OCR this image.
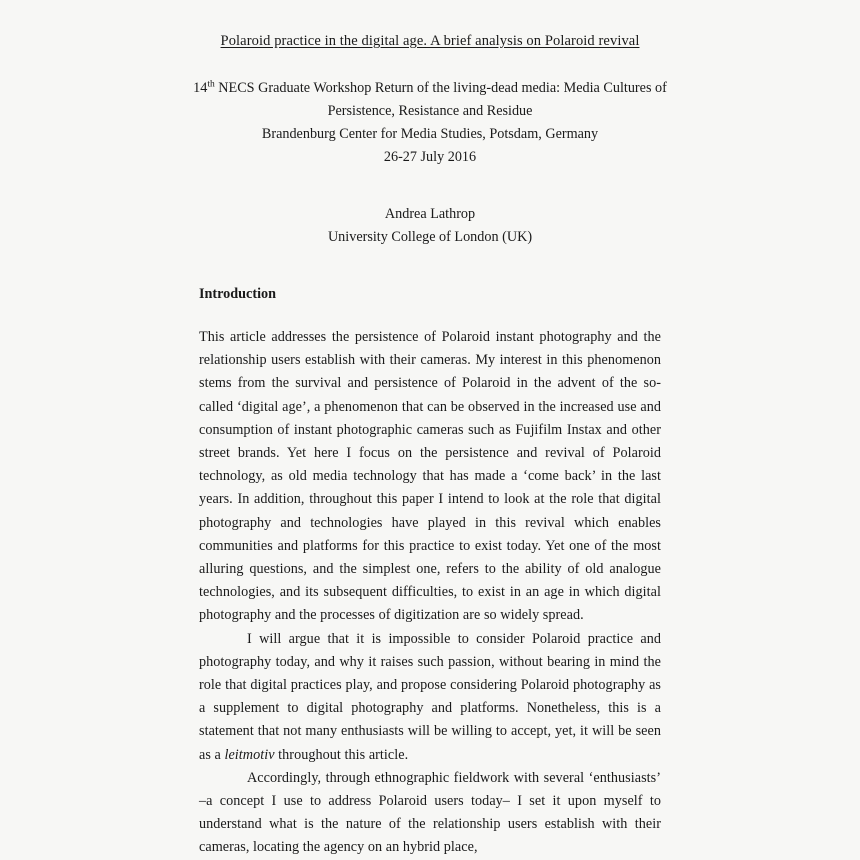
Polaroid practice in the digital age. A brief analysis on Polaroid revival
14th NECS Graduate Workshop Return of the living-dead media: Media Cultures of
Persistence, Resistance and Residue
Brandenburg Center for Media Studies, Potsdam, Germany
26-27 July 2016
Andrea Lathrop
University College of London (UK)
Introduction

This article addresses the persistence of Polaroid instant photography and the relationship users establish with their cameras. My interest in this phenomenon stems from the survival and persistence of Polaroid in the advent of the so-called ‘digital age’, a phenomenon that can be observed in the increased use and consumption of instant photographic cameras such as Fujifilm Instax and other street brands. Yet here I focus on the persistence and revival of Polaroid technology, as old media technology that has made a ‘come back’ in the last years. In addition, throughout this paper I intend to look at the role that digital photography and technologies have played in this revival which enables communities and platforms for this practice to exist today. Yet one of the most alluring questions, and the simplest one, refers to the ability of old analogue technologies, and its subsequent difficulties, to exist in an age in which digital photography and the processes of digitization are so widely spread.

I will argue that it is impossible to consider Polaroid practice and photography today, and why it raises such passion, without bearing in mind the role that digital practices play, and propose considering Polaroid photography as a supplement to digital photography and platforms. Nonetheless, this is a statement that not many enthusiasts will be willing to accept, yet, it will be seen as a leitmotiv throughout this article.

Accordingly, through ethnographic fieldwork with several ‘enthusiasts’ –a concept I use to address Polaroid users today– I set it upon myself to understand what is the nature of the relationship users establish with their cameras, locating the agency on an hybrid place,
